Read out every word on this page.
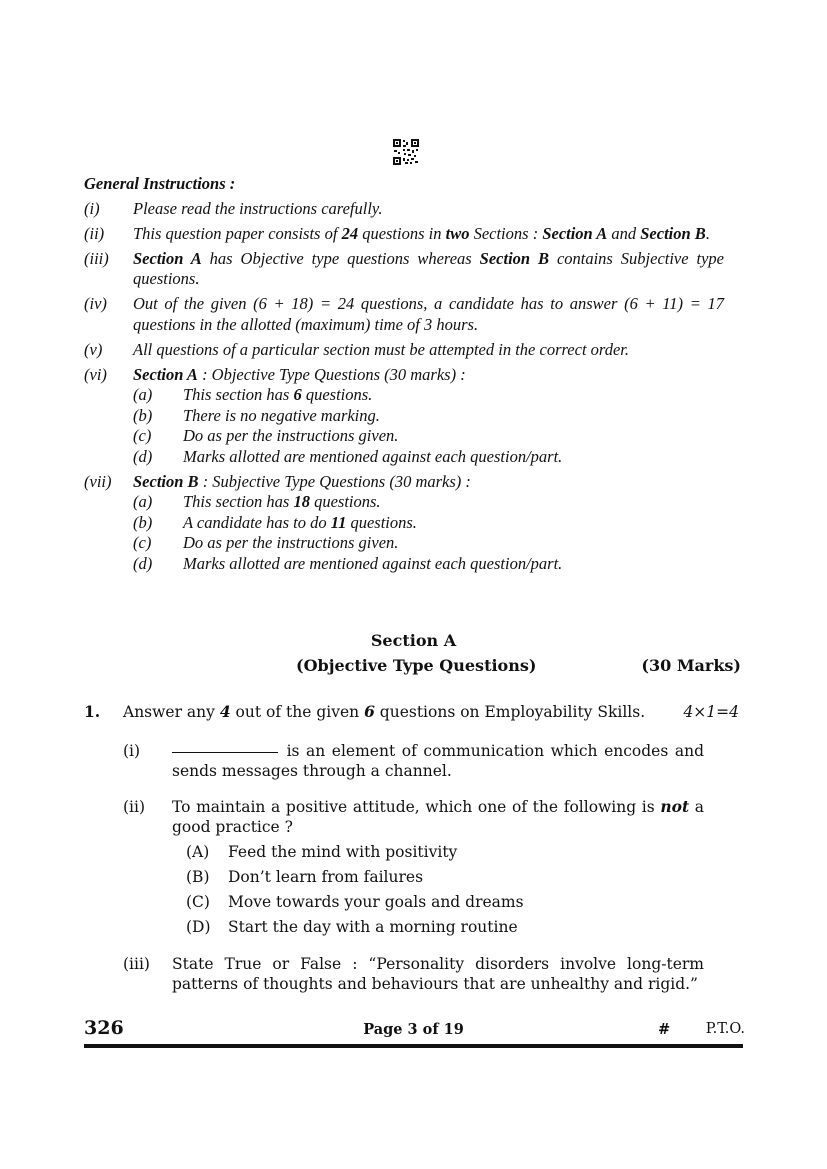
General Instructions :
(i)	Please read the instructions carefully.
(ii)	This question paper consists of 24 questions in two Sections : Section A and Section B.
(iii)	Section A has Objective type questions whereas Section B contains Subjective type questions.
(iv)	Out of the given (6 + 18) = 24 questions, a candidate has to answer (6 + 11) = 17 questions in the allotted (maximum) time of 3 hours.
(v)	All questions of a particular section must be attempted in the correct order.
(vi)	Section A : Objective Type Questions (30 marks) :
(a)	This section has 6 questions.
(b)	There is no negative marking.
(c)	Do as per the instructions given.
(d)	Marks allotted are mentioned against each question/part.
(vii)	Section B : Subjective Type Questions (30 marks) :
(a)	This section has 18 questions.
(b)	A candidate has to do 11 questions.
(c)	Do as per the instructions given.
(d)	Marks allotted are mentioned against each question/part.
Section A
(Objective Type Questions)	(30 Marks)
1.	Answer any 4 out of the given 6 questions on Employability Skills.	4×1=4
(i)	is an element of communication which encodes and sends messages through a channel.
(ii)	To maintain a positive attitude, which one of the following is not a good practice ?
(A)	Feed the mind with positivity
(B)	Don’t learn from failures
(C)	Move towards your goals and dreams
(D)	Start the day with a morning routine
(iii)	State True or False : “Personality disorders involve long-term patterns of thoughts and behaviours that are unhealthy and rigid.”
326	Page 3 of 19	# P.T.O.
